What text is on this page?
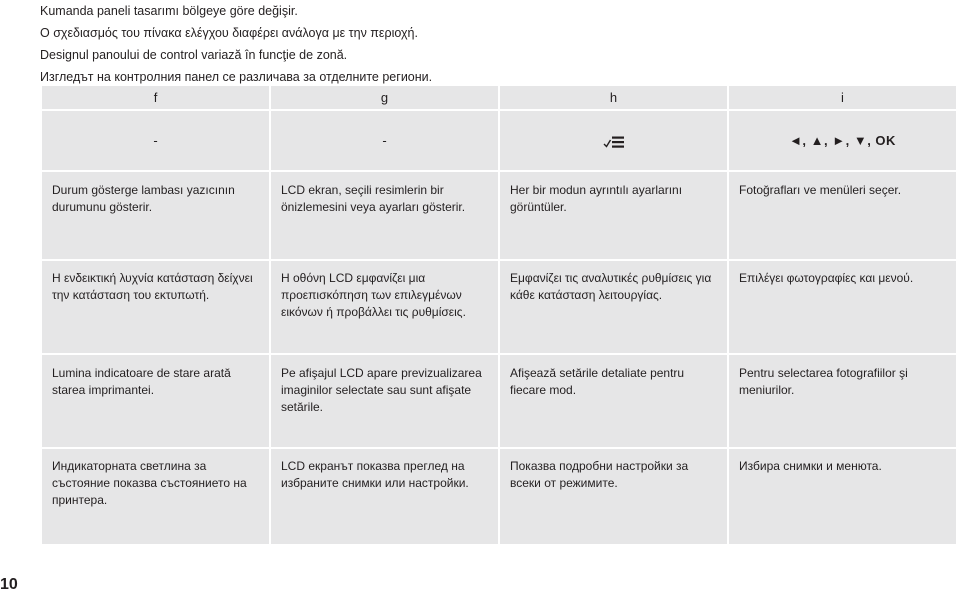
Kumanda paneli tasarımı bölgeye göre değişir.
Ο σχεδιασμός του πίνακα ελέγχου διαφέρει ανάλογα με την περιοχή.
Designul panoului de control variază în funcţie de zonă.
Изгледът на контролния панел се различава за отделните региони.
f	g	h	i
-	-		◄, ▲, ►, ▼, OK
Durum gösterge lambası yazıcının durumunu gösterir.	LCD ekran, seçili resimlerin bir önizlemesini veya ayarları gösterir.	Her bir modun ayrıntılı ayarlarını görüntüler.	Fotoğrafları ve menüleri seçer.
Η ενδεικτική λυχνία κατάσταση δείχνει την κατάσταση του εκτυπωτή.	Η οθόνη LCD εμφανίζει μια προεπισκόπηση των επιλεγμένων εικόνων ή προβάλλει τις ρυθμίσεις.	Εμφανίζει τις αναλυτικές ρυθμίσεις για κάθε κατάσταση λειτουργίας.	Επιλέγει φωτογραφίες και μενού.
Lumina indicatoare de stare arată starea imprimantei.	Pe afişajul LCD apare previzualizarea imaginilor selectate sau sunt afişate setările.	Afişează setările detaliate pentru fiecare mod.	Pentru selectarea fotografiilor şi meniurilor.
Индикаторната светлина за състояние показва състоянието на принтера.	LCD екранът показва преглед на избраните снимки или настройки.	Показва подробни настройки за всеки от режимите.	Избира снимки и менюта.
10
